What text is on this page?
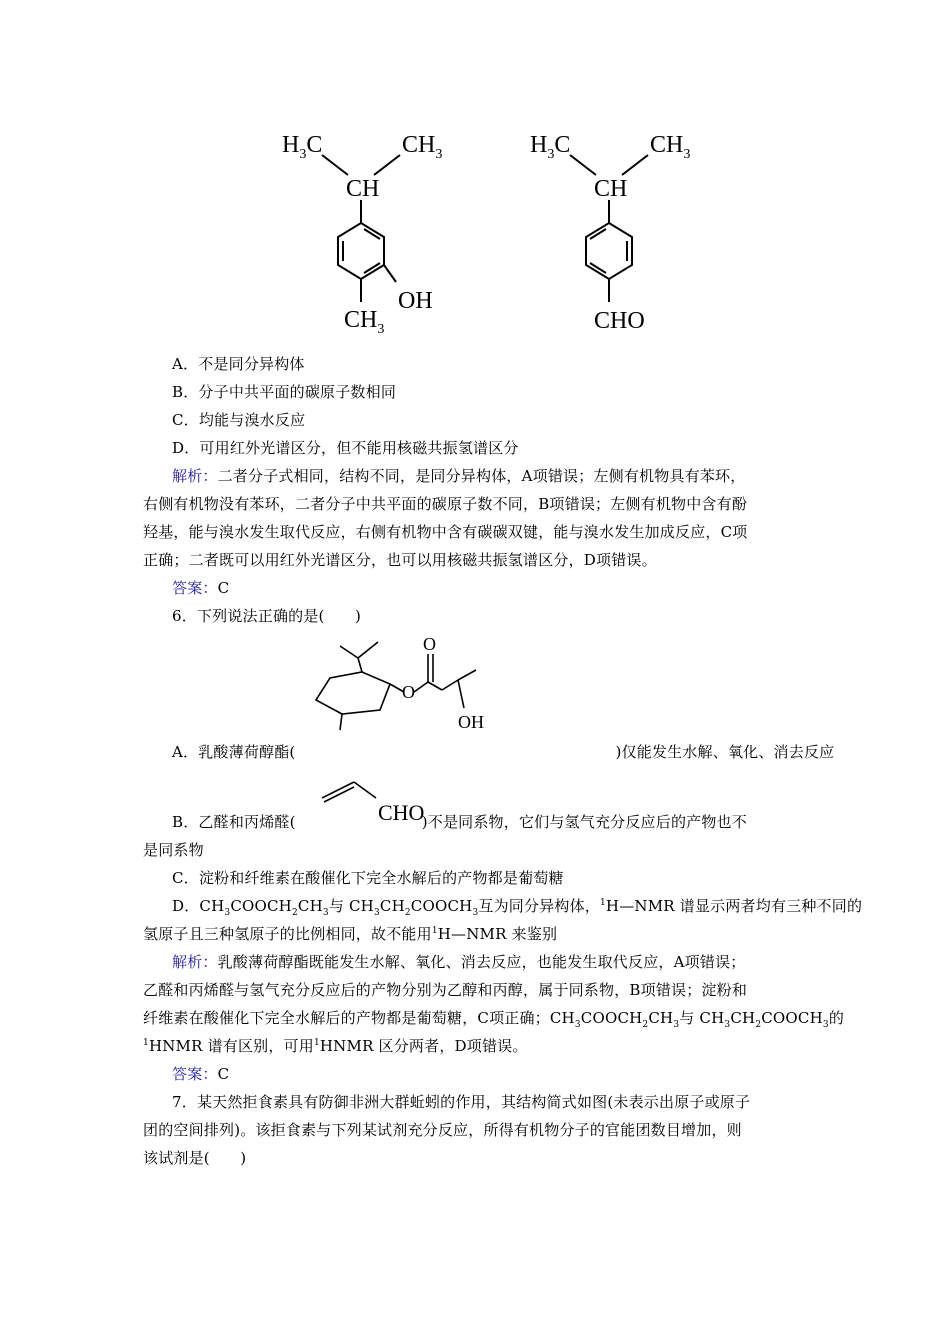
$H_3C$	$CH_3$
CH
OH
$CH_3$
$H_3C$	$CH_3$
CH
CHO
A．不是同分异构体
B．分子中共平面的碳原子数相同
C．均能与溴水反应
D．可用红外光谱区分，但不能用核磁共振氢谱区分
解析：二者分子式相同，结构不同，是同分异构体，A项错误；左侧有机物具有苯环，
右侧有机物没有苯环，二者分子中共平面的碳原子数不同，B项错误；左侧有机物中含有酚
羟基，能与溴水发生取代反应，右侧有机物中含有碳碳双键，能与溴水发生加成反应，C项
正确；二者既可以用红外光谱区分，也可以用核磁共振氢谱区分，D项错误。
答案：C
6．下列说法正确的是(　　)
O
O
OH
A．乳酸薄荷醇酯(	)仅能发生水解、氧化、消去反应
CHO
B．乙醛和丙烯醛(	)不是同系物，它们与氢气充分反应后的产物也不
是同系物
C．淀粉和纤维素在酸催化下完全水解后的产物都是葡萄糖
D．$CH_3COOCH_2CH_3$与 $CH_3CH_2COOCH_3$互为同分异构体，$^1$H—NMR 谱显示两者均有三种不同的
氢原子且三种氢原子的比例相同，故不能用$^1$H—NMR 来鉴别
解析：乳酸薄荷醇酯既能发生水解、氧化、消去反应，也能发生取代反应，A项错误；
乙醛和丙烯醛与氢气充分反应后的产物分别为乙醇和丙醇，属于同系物，B项错误；淀粉和
纤维素在酸催化下完全水解后的产物都是葡萄糖，C项正确；$CH_3COOCH_2CH_3$与 $CH_3CH_2COOCH_3$的
$^1$HNMR 谱有区别，可用$^1$HNMR 区分两者，D项错误。
答案：C
7．某天然拒食素具有防御非洲大群蚯蚓的作用，其结构简式如图(未表示出原子或原子
团的空间排列)。该拒食素与下列某试剂充分反应，所得有机物分子的官能团数目增加，则
该试剂是(　　)
